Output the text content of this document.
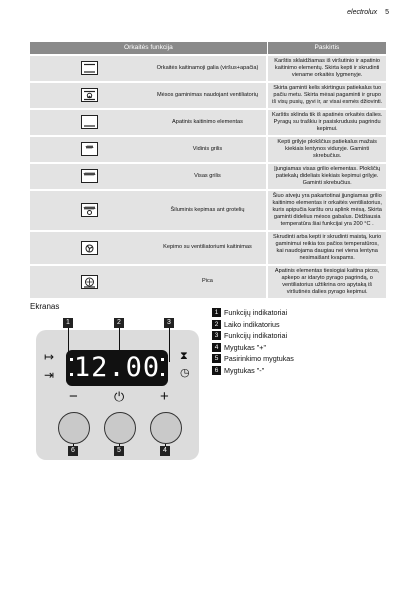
electrolux 5
Orkaitės funkcija		Paskirtis

	Orkaitės kaitinamoji galia (viršus+apačia)	Karštis sklaidžiamas iš viršutinio ir apatinio kaitinimo elementų. Skirta kepti ir skrudinti viename orkaitės lygmenyje.

	Mėsos gaminimas naudojant ventiliatorių	Skirta gaminti kelis skirtingus patiekalus tuo pačiu metu. Skirta mėsai pagaminti ir grupo iš visų pusių, gyvi ir, ar visai esmės džiovinti.

	Apatinis kaitinimo elementas	Karštis sklinda tik iš apatinės orkaitės dalies. Pyragų su traškiu ir pasiskrudusiu pagrindu kepimui.

	Vidinis grilis	Kepti grilyje plokščius patiekalus mažais kiekiais lentynos viduryje. Gaminti skrebučius.

	Visas grilis	Įjungiamas visas grilio elementas. Plokščių patiekalų dideliais kiekiais kepimui grilyje. Gaminti skrebučius.

	Šiluminis kepimas ant grotelių	Šiuo atveju yra pakartotinai įjungiamas grilio kaitinimo elementas ir orkaitės ventiliatorius, kuris apipučia karštu oru aplink mėsą. Skirta gaminti didelius mėsos gabalus. Didžiausia temperatūra šiai funkcijai yra 200 °C .

	Kepimo su ventiliatoriumi kaitinimas	Skrudinti arba kepti ir skrudinti maistą, kurio gaminimui reikia tos pačios temperatūros, kai naudojama daugiau nei viena lentyna nesimaišant kvapams.

	Pica	Apatinis elementas tiesiogiai kaitina picos, apkepo ar idaryto pyrago pagrindą, o ventiliatorius užtikrina oro apytaką iš viršutinės dalies pyrago kepimui.
Ekranas
1	2	3
↦
⇥
⧗
◷
12.00
−	⏻ +
6	5	4
1 Funkcijų indikatoriai
2 Laiko indikatorius
3 Funkcijų indikatoriai
4 Mygtukas "+"
5 Pasirinkimo mygtukas
6 Mygtukas "-"
